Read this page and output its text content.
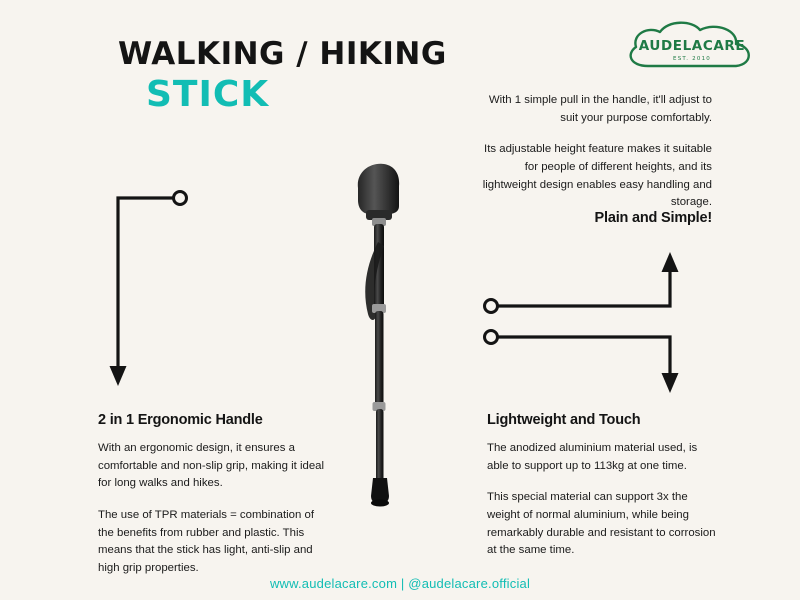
WALKING / HIKING
STICK
AUDELACARE
EST. 2010

With 1 simple pull in the handle, it'll adjust to suit your purpose comfortably.

Its adjustable height feature makes it suitable for people of different heights, and its lightweight design enables easy handling and storage.

Plain and Simple!
2 in 1 Ergonomic Handle

With an ergonomic design, it ensures a comfortable and non-slip grip, making it ideal for long walks and hikes.

The use of TPR materials = combination of the benefits from rubber and plastic. This means that the stick has light, anti-slip and high grip properties.

Lightweight and Touch

The anodized aluminium material used, is able to support up to 113kg at one time.

This special material can support 3x the weight of normal aluminium, while being remarkably durable and resistant to corrosion at the same time.

www.audelacare.com | @audelacare.official
